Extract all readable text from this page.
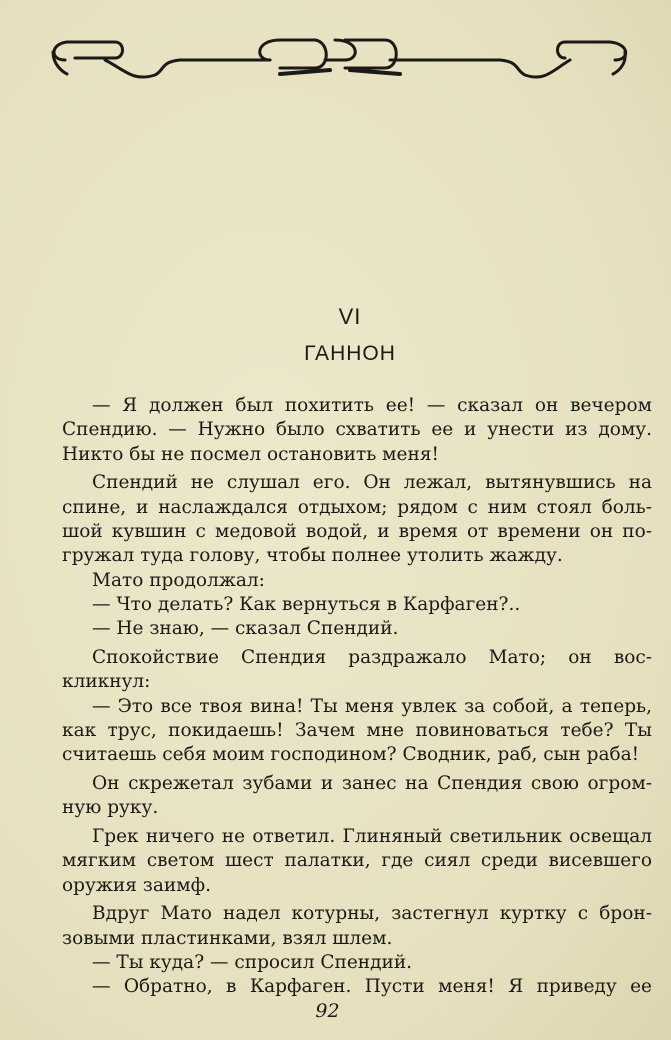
VI
ГАННОН
— Я должен был похитить ее! — сказал он вечером
Спендию. — Нужно было схватить ее и унести из дому.
Никто бы не посмел остановить меня!
Спендий не слушал его. Он лежал, вытянувшись на
спине, и наслаждался отдыхом; рядом с ним стоял боль-
шой кувшин с медовой водой, и время от времени он по-
гружал туда голову, чтобы полнее утолить жажду.
Мато продолжал:
— Что делать? Как вернуться в Карфаген?..
— Не знаю, — сказал Спендий.
Спокойствие Спендия раздражало Мато; он вос-
кликнул:
— Это все твоя вина! Ты меня увлек за собой, а теперь,
как трус, покидаешь! Зачем мне повиноваться тебе? Ты
считаешь себя моим господином? Сводник, раб, сын раба!
Он скрежетал зубами и занес на Спендия свою огром-
ную руку.
Грек ничего не ответил. Глиняный светильник освещал
мягким светом шест палатки, где сиял среди висевшего
оружия заимф.
Вдруг Мато надел котурны, застегнул куртку с брон-
зовыми пластинками, взял шлем.
— Ты куда? — спросил Спендий.
— Обратно, в Карфаген. Пусти меня! Я приведу ее
92
